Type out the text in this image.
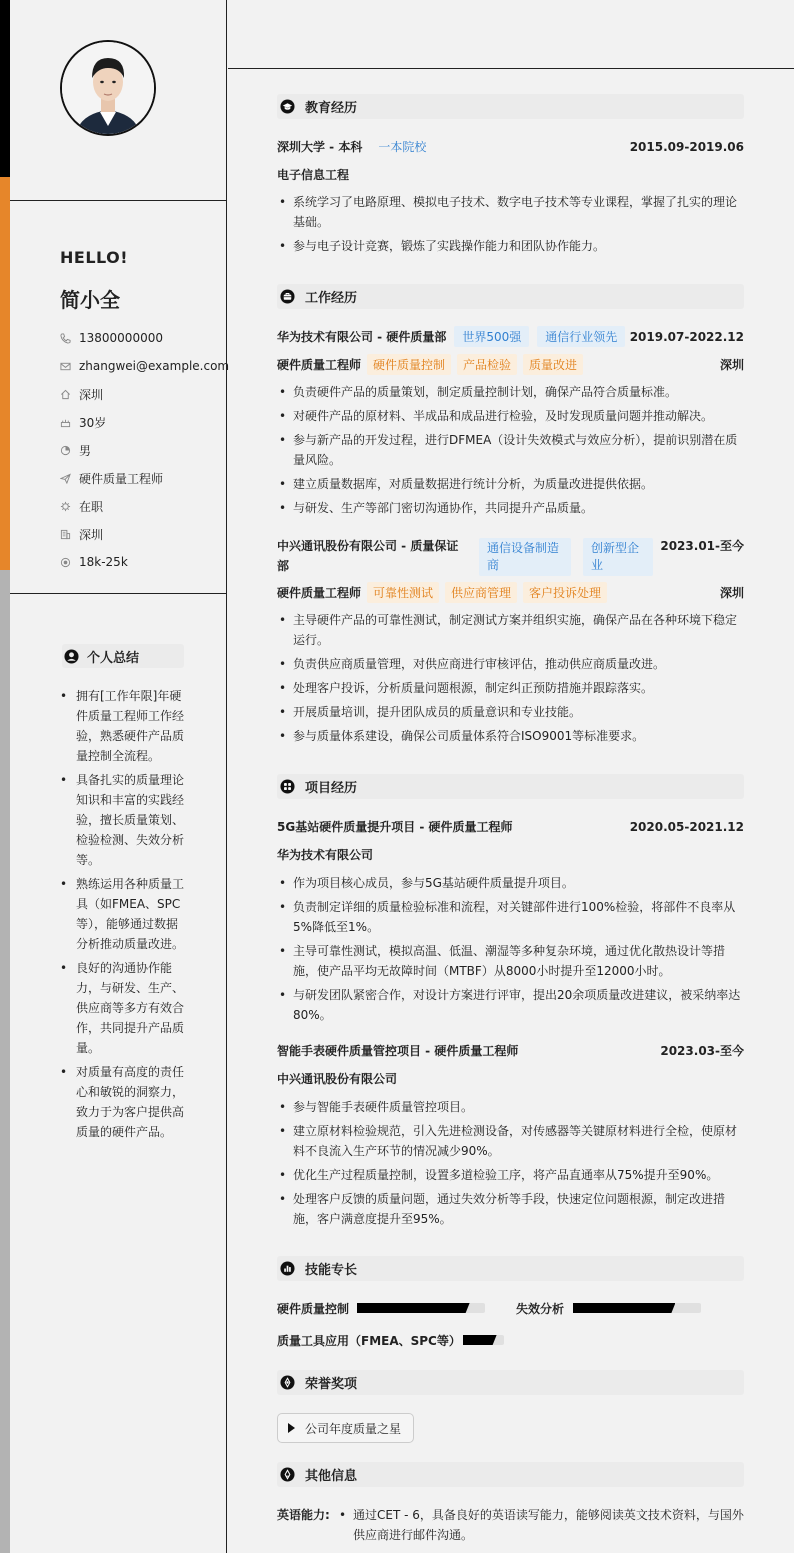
HELLO!
简小全
13800000000
zhangwei@example.com
深圳
30岁
男
硬件质量工程师
在职
深圳
18k-25k
个人总结
• 拥有[工作年限]年硬件质量工程师工作经验，熟悉硬件产品质量控制全流程。
• 具备扎实的质量理论知识和丰富的实践经验，擅长质量策划、检验检测、失效分析等。
• 熟练运用各种质量工具（如FMEA、SPC等），能够通过数据分析推动质量改进。
• 良好的沟通协作能力，与研发、生产、供应商等多方有效合作，共同提升产品质量。
• 对质量有高度的责任心和敏锐的洞察力，致力于为客户提供高质量的硬件产品。
教育经历
深圳大学 - 本科 一本院校	2015.09-2019.06
电子信息工程
• 系统学习了电路原理、模拟电子技术、数字电子技术等专业课程，掌握了扎实的理论基础。
• 参与电子设计竞赛，锻炼了实践操作能力和团队协作能力。
工作经历
华为技术有限公司 - 硬件质量部	世界500强	通信行业领先	2019.07-2022.12
硬件质量工程师	硬件质量控制	产品检验	质量改进	深圳
• 负责硬件产品的质量策划，制定质量控制计划，确保产品符合质量标准。
• 对硬件产品的原材料、半成品和成品进行检验，及时发现质量问题并推动解决。
• 参与新产品的开发过程，进行DFMEA（设计失效模式与效应分析），提前识别潜在质量风险。
• 建立质量数据库，对质量数据进行统计分析，为质量改进提供依据。
• 与研发、生产等部门密切沟通协作，共同提升产品质量。
中兴通讯股份有限公司 - 质量保证
部
通信设备制造商
创新型企业
2023.01-至今
硬件质量工程师	可靠性测试	供应商管理	客户投诉处理	深圳
• 主导硬件产品的可靠性测试，制定测试方案并组织实施，确保产品在各种环境下稳定运行。
• 负责供应商质量管理，对供应商进行审核评估，推动供应商质量改进。
• 处理客户投诉，分析质量问题根源，制定纠正预防措施并跟踪落实。
• 开展质量培训，提升团队成员的质量意识和专业技能。
• 参与质量体系建设，确保公司质量体系符合ISO9001等标准要求。
项目经历
5G基站硬件质量提升项目 - 硬件质量工程师	2020.05-2021.12
华为技术有限公司
• 作为项目核心成员，参与5G基站硬件质量提升项目。
• 负责制定详细的质量检验标准和流程，对关键部件进行100%检验，将部件不良率从5%降低至1%。
• 主导可靠性测试，模拟高温、低温、潮湿等多种复杂环境，通过优化散热设计等措施，使产品平均无故障时间（MTBF）从8000小时提升至12000小时。
• 与研发团队紧密合作，对设计方案进行评审，提出20余项质量改进建议，被采纳率达80%。
智能手表硬件质量管控项目 - 硬件质量工程师	2023.03-至今
中兴通讯股份有限公司
• 参与智能手表硬件质量管控项目。
• 建立原材料检验规范，引入先进检测设备，对传感器等关键原材料进行全检，使原材料不良流入生产环节的情况减少90%。
• 优化生产过程质量控制，设置多道检验工序，将产品直通率从75%提升至90%。
• 处理客户反馈的质量问题，通过失效分析等手段，快速定位问题根源，制定改进措施，客户满意度提升至95%。
技能专长
硬件质量控制	失效分析
质量工具应用（FMEA、SPC等）
荣誉奖项
公司年度质量之星
其他信息
英语能力:
•	通过CET - 6，具备良好的英语读写能力，能够阅读英文技术资料，与国外供应商进行邮件沟通。
